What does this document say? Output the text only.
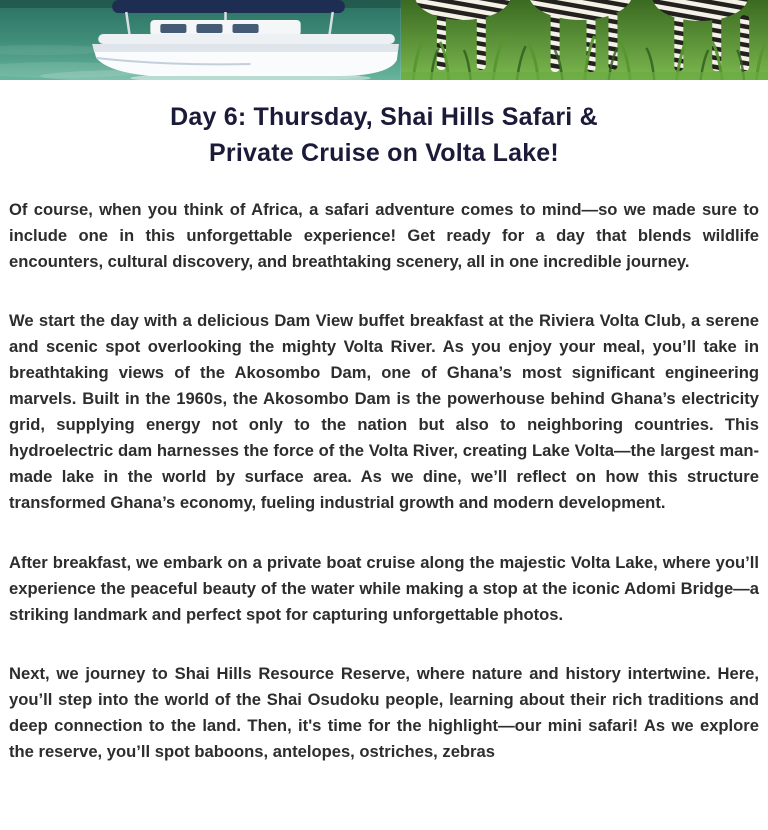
Day 6: Thursday, Shai Hills Safari &
Private Cruise on Volta Lake!

Of course, when you think of Africa, a safari adventure comes to mind—so we made sure to include one in this unforgettable experience! Get ready for a day that blends wildlife encounters, cultural discovery, and breathtaking scenery, all in one incredible journey.

We start the day with a delicious Dam View buffet breakfast at the Riviera Volta Club, a serene and scenic spot overlooking the mighty Volta River. As you enjoy your meal, you’ll take in breathtaking views of the Akosombo Dam, one of Ghana’s most significant engineering marvels. Built in the 1960s, the Akosombo Dam is the powerhouse behind Ghana’s electricity grid, supplying energy not only to the nation but also to neighboring countries. This hydroelectric dam harnesses the force of the Volta River, creating Lake Volta—the largest man-made lake in the world by surface area. As we dine, we’ll reflect on how this structure transformed Ghana’s economy, fueling industrial growth and modern development.

After breakfast, we embark on a private boat cruise along the majestic Volta Lake, where you’ll experience the peaceful beauty of the water while making a stop at the iconic Adomi Bridge—a striking landmark and perfect spot for capturing unforgettable photos.

Next, we journey to Shai Hills Resource Reserve, where nature and history intertwine. Here, you’ll step into the world of the Shai Osudoku people, learning about their rich traditions and deep connection to the land. Then, it's time for the highlight—our mini safari! As we explore the reserve, you’ll spot baboons, antelopes, ostriches, zebras
